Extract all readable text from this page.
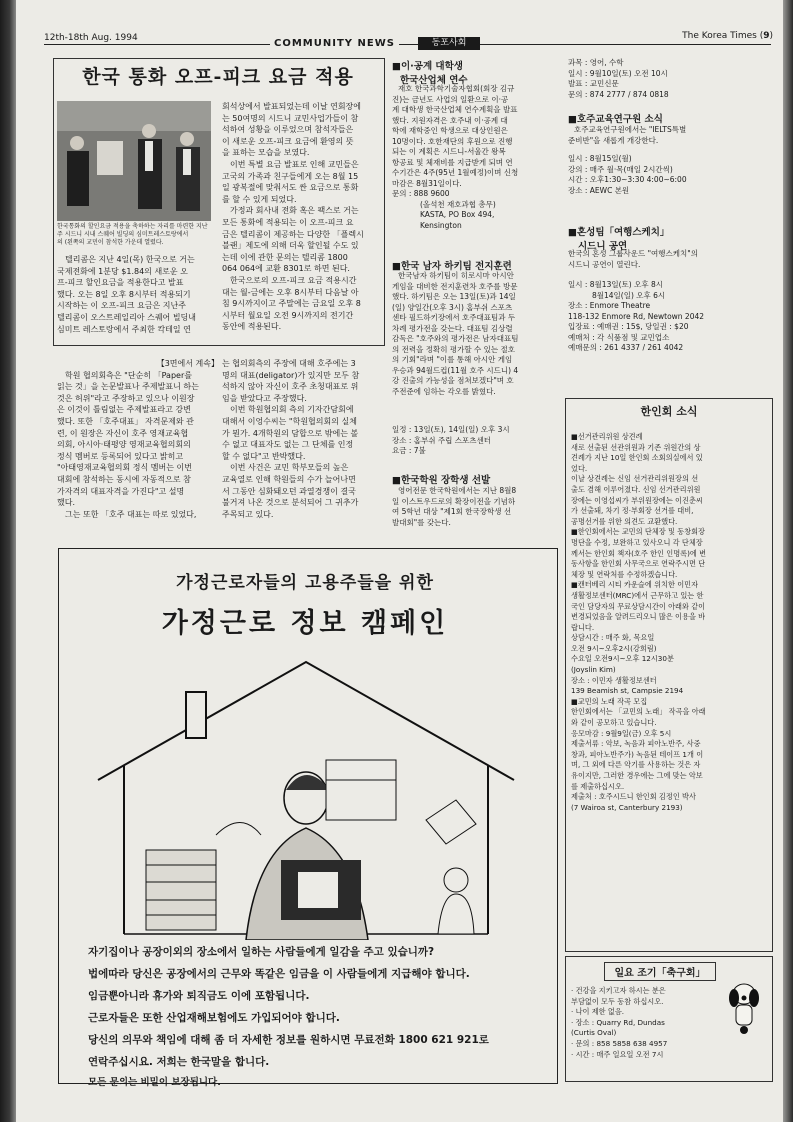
12th-18th Aug. 1994	The Korea Times (9)
COMMUNITY NEWS	동포사회
한국 통화 오프-피크 요금 적용
한국통화의 할인요금 적용을 축하하는 자리를 마련한 지난주 시드니 시내 스퀘어 빌딩의 심미트레스토랑에서
의 (왼쪽의 교민이 참석한 가운데 열렸다.
텔리콤은 지난 4일(목) 한국으로 거는
국제전화에 1분당 $1.84의 새로운 오
프-피크 할인요금을 적용한다고 발표
했다. 오는 8일 오후 8시부터 적용되기
시작하는 이 오프-피크 요금은 지난주
텔리콤이 오스트레일리아 스퀘어 빌딩내
심미트 레스토랑에서 주최한 칵테일 연
회석상에서 발표되었는데 이날 연회장에
는 50여명의 시드니 교민사업가들이 참
석하여 성황을 이루었으며 참석자들은
이 새로운 오프-피크 요금에 환영의 뜻
을 표하는 모습을 보였다.
이번 특별 요금 발표로 인해 교민들은
고국의 가족과 친구들에게 오는 8월 15
일 광복절에 맞춰서도 싼 요금으로 통화
를 할 수 있게 되었다.
가정과 회사내 전화 혹은 팩스로 거는
모든 통화에 적용되는 이 오프-피크 요
금은 텔리콤이 제공하는 다양한 「플렉시
블랜」제도에 의해 더욱 할인될 수도 있
는데 이에 관한 문의는 텔리콤 1800
064 064에 교환 8301로 하면 된다.
한국으로의 오프-피크 요금 적용시간
대는 월-금에는 오후 8시부터 다음날 아
침 9시까지이고 주말에는 금요일 오후 8
시부터 월요일 오전 9시까지의 전기간
동안에 적용된다.
【3면에서 계속】
학원 협의회측은 "단순히 「Paper를
읽는 것」을 논문발표나 주제발표니 하는
것은 허위"라고 주장하고 있으나 이원장
은 이것이 틀림없는 주제발표라고 강변
했다. 또한 「호주대표」 자격문제와 관
련, 이 원장은 자신이 호주 영재교육협
의회, 아시아·태평양 영재교육협의회의
정식 멤버로 등록되어 있다고 밝히고
"아태영재교육협의회 정식 멤버는 이번
대회에 참석하는 동시에 자동적으로 참
가자격의 대표자격을 가진다"고 설명
했다.
그는 또한 「호주 대표는 따로 있었다,
는 협의회측의 주장에 대해 호주에는 3
명의 대표(deligator)가 있지만 모두 참
석하지 않아 자신이 호주 초청대표로 위
임을 받았다고 주장했다.
이번 학원협의회 측의 기자간담회에
대해서 이엉수씨는 "학원협의회의 실체
가 뭔가. 4개학원의 담합으로 밖에는 볼
수 없고 대표자도 없는 그 단체를 인정
할 수 없다"고 반박했다.
이번 사건은 교민 학부모들의 높은
교육열로 인해 학원들의 수가 늘어나면
서 그동안 심화돼오던 과열경쟁이 결국
불거져 나온 것으로 분석되어 그 귀추가
주목되고 있다.
■이·공계 대학생
한국산업체 연수
재호 한국과학기술자협회(회장 김규
진)는 금년도 사업의 일환으로 이·공
계 대학생 한국산업체 연수계획을 발표
했다. 지원자격은 호주내 이·공계 대
학에 재학중인 학생으로 대상인원은
10명이다. 호한재단의 후원으로 진행
되는 이 계획은 시드니-서울간 왕복
항공료 및 체재비를 지급받게 되며 연
수기간은 4주(95년 1월예정)이며 신청
마감은 8월31일이다.
문의 : 888 9600
(올석천 재호과협 총무)
KASTA, PO Box 494,
Kensington
■한국 남자 하키팀 전지훈련
한국남자 하키팀이 히로시마 아시안
게임을 대비한 전지훈련차 호주를 방문
했다. 하키팀은 오는 13일(토)과 14일
(일) 양일간(오후 3시) 홈부쉬 스포츠
센타 필드하키장에서 호주대표팀과 두
차례 평가전을 갖는다. 대표팀 김상렬
감독은 "호주와의 평가전은 남자대표팀
의 전력을 정확히 평가할 수 있는 절호
의 기회"라며 "이를 통해 아시안 게임
우승과 94월드컵(11월 호주 시드니) 4
강 진출의 가능성을 점쳐보겠다"며 호
주전준에 임하는 각오를 밝혔다.
일정 : 13일(토), 14일(일) 오후 3시
장소 : 홈부쉬 주립 스포츠센터
요금 : 7불
■한국학원 장학생 선발
영어전문 한국학원에서는 지난 8월8
일 이스트우드로의 확장이전을 기념하
여 5학년 대상 "제1회 한국장학생 선
발대회"를 갖는다.
과목 : 영어, 수학
일시 : 9월10일(토) 오전 10시
발표 : 교민신문
문의 : 874 2777 / 874 0818
■호주교육연구원 소식
호주교육연구원에서는 "IELTS특별
준비반"을 새롭게 개강한다.
일시 : 8월15일(월)
강의 : 매주 월·목(매일 2시간씩)
시간 : 오후1:30~3:30 4:00~6:00
장소 : AEWC 본원
■혼성팀「여행스케치」
시드니 공연
한국의 혼성 그룹사운드 "여행스케치"의
시드니 공연이 열린다.
일시 : 8월13일(토) 오후 8시
8월14일(일) 오후 6시
장소 : Enmore Theatre
118-132 Enmore Rd, Newtown 2042
입장료 : 예매권 : 15$, 당일권 : $20
예매처 : 각 식품점 및 교민업소
예매문의 : 261 4337 / 261 4042
한인회 소식
■선거관리위원 상견례
새로 선출된 선관위원과 기존 위원간의 상
견례가 지난 10일 한인회 소회의실에서 있
었다.
이날 상견례는 신임 선거관리위원장의 선
출도 겸해 이루어졌다. 신임 선거관리위원
장에는 이영섭씨가 부위원장에는 이진춘씨
가 선출돼, 차기 정·부회장 선거를 대비,
공명선거를 위한 의견도 교환했다.
■한인회에서는 교민의 단체장 및 동창회장
명단을 수정, 보완하고 있사오니 각 단체장
께서는 한인회 책자(호주 한인 인명록)에 변
동사항을 한인회 사무국으로 연락주시면 단
체장 및 연락처를 수정하겠습니다.
■캔터베리 시티 카운슬에 위치한 이민자
생활정보센터(MRC)에서 근무하고 있는 한
국인 담당자의 무료상담시간이 아래와 같이
변경되었음을 알려드리오니 많은 이용을 바
랍니다.
상담시간 : 매주 화, 목요일
오전 9시~오후2시(강희림)
수요일 오전9시~오후 12시30분
(Joyslin Kim)
장소 : 이민자 생활정보센터
139 Beamish st, Campsie 2194
■교민의 노래 작곡 모집
한인회에서는 「교민의 노래」 작곡을 아래
와 같이 공모하고 있습니다.
응모마감 : 9월9일(금) 오후 5시
제출서류 : 악보, 녹음과 피아노반주, 사중
창과, 피아노반주가) 녹음된 테이프 1개 이
며, 그 외에 다른 악기를 사용하는 것은 자
유이지만, 그러한 경우에는 그에 맞는 악보
를 제출하십시오.
제출처 : 호주시드니 한인회 김정인 박사
(7 Wairoa st, Canterbury 2193)
일요 조기「축구회」
· 건강을 지키고자 하시는 분은
부담없이 모두 동참 하십시오.
· 나이 제한 없음.
· 장소 : Quarry Rd, Dundas
(Curtis Oval)
· 문의 : 858 5858 638 4957
· 시간 : 매주 일요일 오전 7시
가정근로자들의 고용주들을 위한
가정근로 정보 캠페인
자기집이나 공장이외의 장소에서 일하는 사람들에게 일감을 주고 있습니까?
법에따라 당신은 공장에서의 근무와 똑같은 임금을 이 사람들에게 지급해야 합니다.
임금뿐아니라 휴가와 퇴직금도 이에 포함됩니다.
근로자들은 또한 산업재해보험에도 가입되어야 합니다.
당신의 의무와 책임에 대해 좀 더 자세한 정보를 원하시면 무료전화 1800 621 921로
연락주십시요. 저희는 한국말을 합니다.
모든 문의는 비밀이 보장됩니다.
